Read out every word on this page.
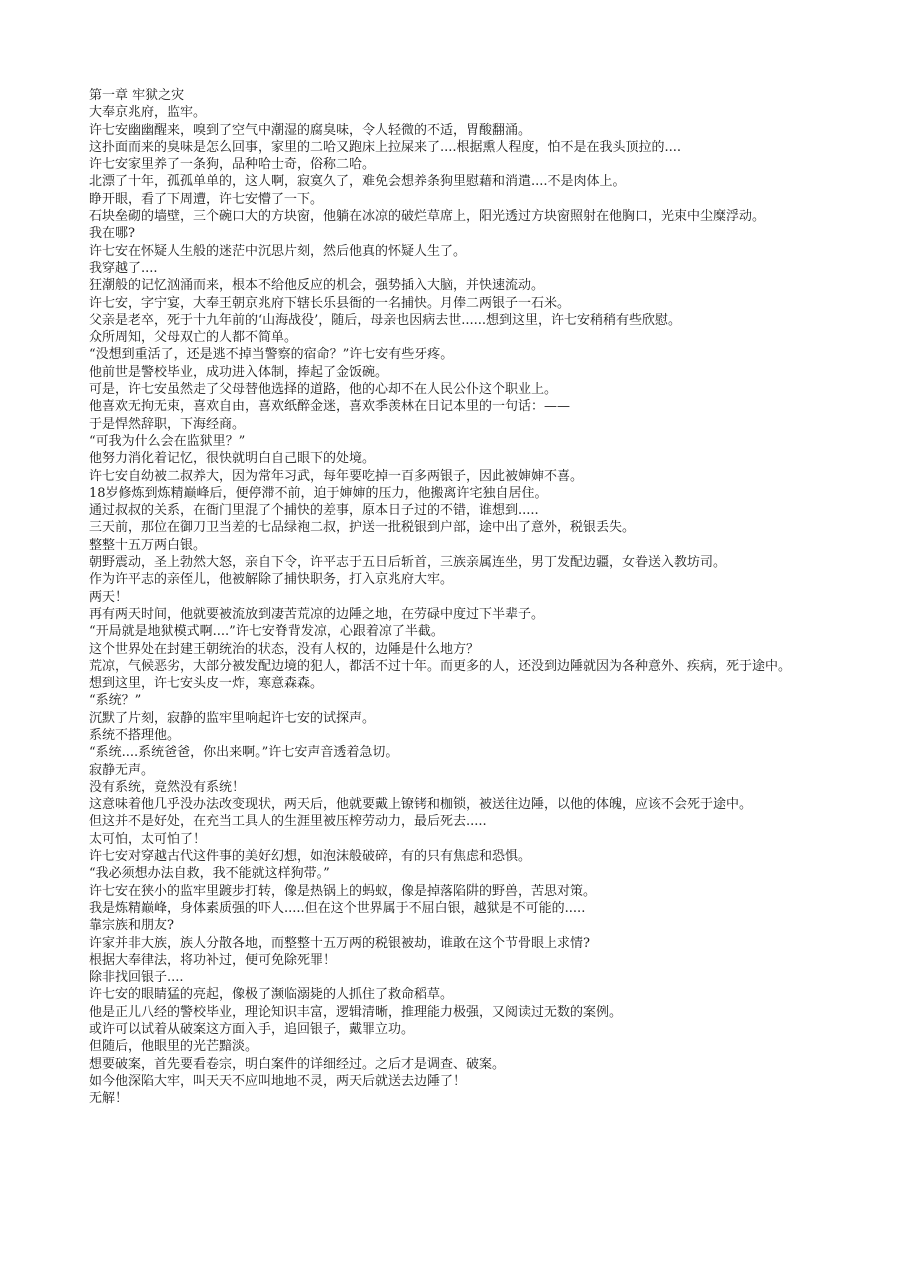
第一章 牢狱之灾

大奉京兆府，监牢。

许七安幽幽醒来，嗅到了空气中潮湿的腐臭味，令人轻微的不适，胃酸翻涌。

这扑面而来的臭味是怎么回事，家里的二哈又跑床上拉屎来了....根据熏人程度，怕不是在我头顶拉的....

许七安家里养了一条狗，品种哈士奇，俗称二哈。

北漂了十年，孤孤单单的，这人啊，寂寞久了，难免会想养条狗里慰藉和消遣....不是肉体上。

睁开眼，看了下周遭，许七安懵了一下。

石块垒砌的墙壁，三个碗口大的方块窗，他躺在冰凉的破烂草席上，阳光透过方块窗照射在他胸口，光束中尘糜浮动。

我在哪?

许七安在怀疑人生般的迷茫中沉思片刻，然后他真的怀疑人生了。

我穿越了....

狂潮般的记忆汹涌而来，根本不给他反应的机会，强势插入大脑，并快速流动。

许七安，字宁宴，大奉王朝京兆府下辖长乐县衙的一名捕快。月俸二两银子一石米。

父亲是老卒，死于十九年前的‘山海战役’，随后，母亲也因病去世......想到这里，许七安稍稍有些欣慰。

众所周知，父母双亡的人都不简单。

“没想到重活了，还是逃不掉当警察的宿命？”许七安有些牙疼。

他前世是警校毕业，成功进入体制，捧起了金饭碗。

可是，许七安虽然走了父母替他选择的道路，他的心却不在人民公仆这个职业上。

他喜欢无拘无束，喜欢自由，喜欢纸醉金迷，喜欢季羡林在日记本里的一句话：——

于是悍然辞职，下海经商。

“可我为什么会在监狱里？”

他努力消化着记忆，很快就明白自己眼下的处境。

许七安自幼被二叔养大，因为常年习武，每年要吃掉一百多两银子，因此被婶婶不喜。

18岁修炼到炼精巅峰后，便停滞不前，迫于婶婶的压力，他搬离许宅独自居住。

通过叔叔的关系，在衙门里混了个捕快的差事，原本日子过的不错，谁想到.....

三天前，那位在御刀卫当差的七品绿袍二叔，护送一批税银到户部，途中出了意外，税银丢失。

整整十五万两白银。

朝野震动，圣上勃然大怒，亲自下令，许平志于五日后斩首，三族亲属连坐，男丁发配边疆，女眷送入教坊司。

作为许平志的亲侄儿，他被解除了捕快职务，打入京兆府大牢。

两天！

再有两天时间，他就要被流放到凄苦荒凉的边陲之地，在劳碌中度过下半辈子。

“开局就是地狱模式啊....”许七安脊背发凉，心跟着凉了半截。

这个世界处在封建王朝统治的状态，没有人权的，边陲是什么地方？

荒凉，气候恶劣，大部分被发配边境的犯人，都活不过十年。而更多的人，还没到边陲就因为各种意外、疾病，死于途中。

想到这里，许七安头皮一炸，寒意森森。

“系统？”

沉默了片刻，寂静的监牢里响起许七安的试探声。

系统不搭理他。

“系统....系统爸爸，你出来啊。”许七安声音透着急切。

寂静无声。

没有系统，竟然没有系统！

这意味着他几乎没办法改变现状，两天后，他就要戴上镣铐和枷锁，被送往边陲，以他的体魄，应该不会死于途中。

但这并不是好处，在充当工具人的生涯里被压榨劳动力，最后死去.....

太可怕，太可怕了！

许七安对穿越古代这件事的美好幻想，如泡沫般破碎，有的只有焦虑和恐惧。

“我必须想办法自救，我不能就这样狗带。”

许七安在狭小的监牢里踱步打转，像是热锅上的蚂蚁，像是掉落陷阱的野兽，苦思对策。

我是炼精巅峰，身体素质强的吓人.....但在这个世界属于不屈白银，越狱是不可能的.....

靠宗族和朋友?

许家并非大族，族人分散各地，而整整十五万两的税银被劫，谁敢在这个节骨眼上求情?

根据大奉律法，将功补过，便可免除死罪！

除非找回银子....

许七安的眼睛猛的亮起，像极了濒临溺毙的人抓住了救命稻草。

他是正儿八经的警校毕业，理论知识丰富，逻辑清晰，推理能力极强，又阅读过无数的案例。

或许可以试着从破案这方面入手，追回银子，戴罪立功。

但随后，他眼里的光芒黯淡。

想要破案，首先要看卷宗，明白案件的详细经过。之后才是调查、破案。

如今他深陷大牢，叫天天不应叫地地不灵，两天后就送去边陲了！

无解！
